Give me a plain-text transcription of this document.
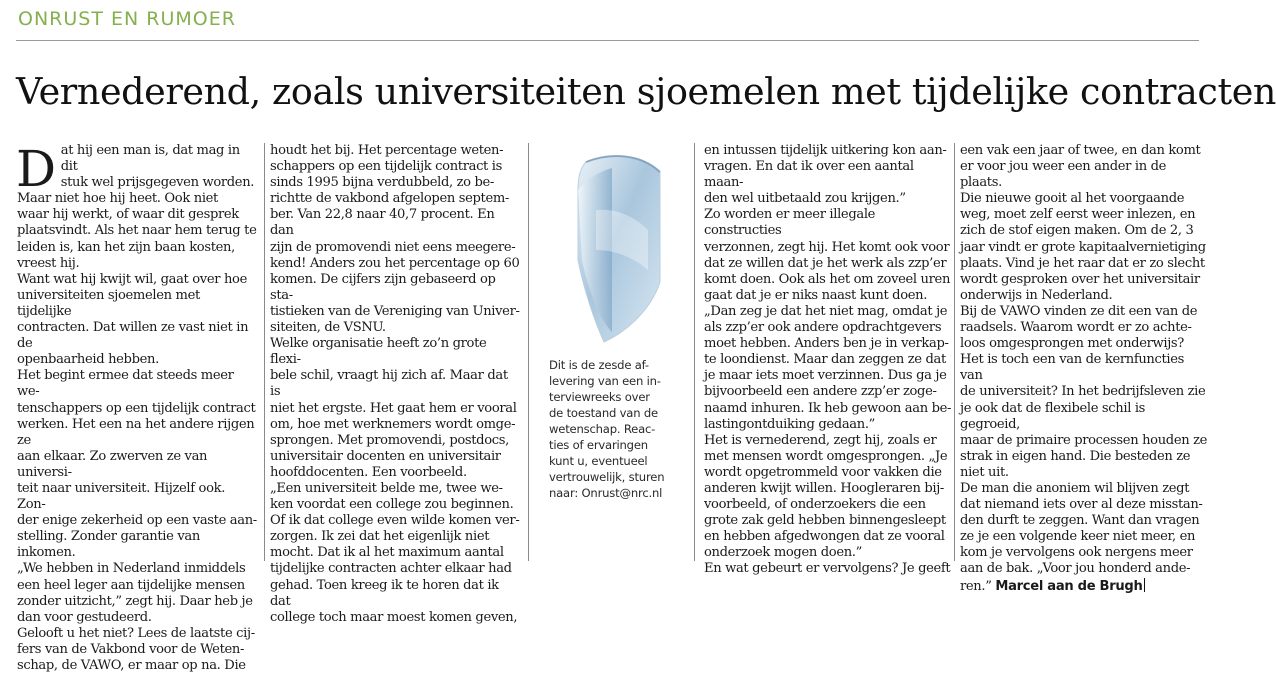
ONRUST EN RUMOER
Vernederend, zoals universiteiten sjoemelen met tijdelijke contracten

Dat hij een man is, dat mag in dit
stuk wel prijsgegeven worden.
Maar niet hoe hij heet. Ook niet
waar hij werkt, of waar dit gesprek
plaatsvindt. Als het naar hem terug te
leiden is, kan het zijn baan kosten,
vreest hij.

Want wat hij kwijt wil, gaat over hoe
universiteiten sjoemelen met tijdelijke
contracten. Dat willen ze vast niet in de
openbaarheid hebben.

Het begint ermee dat steeds meer we-
tenschappers op een tijdelijk contract
werken. Het een na het andere rijgen ze
aan elkaar. Zo zwerven ze van universi-
teit naar universiteit. Hijzelf ook. Zon-
der enige zekerheid op een vaste aan-
stelling. Zonder garantie van inkomen.
„We hebben in Nederland inmiddels
een heel leger aan tijdelijke mensen
zonder uitzicht,” zegt hij. Daar heb je
dan voor gestudeerd.

Gelooft u het niet? Lees de laatste cij-
fers van de Vakbond voor de Weten-
schap, de VAWO, er maar op na. Die

houdt het bij. Het percentage weten-
schappers op een tijdelijk contract is
sinds 1995 bijna verdubbeld, zo be-
richtte de vakbond afgelopen septem-
ber. Van 22,8 naar 40,7 procent. En dan
zijn de promovendi niet eens meegere-
kend! Anders zou het percentage op 60
komen. De cijfers zijn gebaseerd op sta-
tistieken van de Vereniging van Univer-
siteiten, de VSNU.

Welke organisatie heeft zo’n grote flexi-
bele schil, vraagt hij zich af. Maar dat is
niet het ergste. Het gaat hem er vooral
om, hoe met werknemers wordt omge-
sprongen. Met promovendi, postdocs,
universitair docenten en universitair
hoofddocenten. Een voorbeeld.

„Een universiteit belde me, twee we-
ken voordat een college zou beginnen.
Of ik dat college even wilde komen ver-
zorgen. Ik zei dat het eigenlijk niet
mocht. Dat ik al het maximum aantal
tijdelijke contracten achter elkaar had
gehad. Toen kreeg ik te horen dat ik dat
college toch maar moest komen geven,

Dit is de zesde af-
levering van een in-
terviewreeks over
de toestand van de
wetenschap. Reac-
ties of ervaringen
kunt u, eventueel
vertrouwelijk, sturen
naar: Onrust@nrc.nl

en intussen tijdelijk uitkering kon aan-
vragen. En dat ik over een aantal maan-
den wel uitbetaald zou krijgen.”

Zo worden er meer illegale constructies
verzonnen, zegt hij. Het komt ook voor
dat ze willen dat je het werk als zzp’er
komt doen. Ook als het om zoveel uren
gaat dat je er niks naast kunt doen.

„Dan zeg je dat het niet mag, omdat je
als zzp’er ook andere opdrachtgevers
moet hebben. Anders ben je in verkap-
te loondienst. Maar dan zeggen ze dat
je maar iets moet verzinnen. Dus ga je
bijvoorbeeld een andere zzp’er zoge-
naamd inhuren. Ik heb gewoon aan be-
lastingontduiking gedaan.”

Het is vernederend, zegt hij, zoals er
met mensen wordt omgesprongen. „Je
wordt opgetrommeld voor vakken die
anderen kwijt willen. Hoogleraren bij-
voorbeeld, of onderzoekers die een
grote zak geld hebben binnengesleept
en hebben afgedwongen dat ze vooral
onderzoek mogen doen.”

En wat gebeurt er vervolgens? Je geeft

een vak een jaar of twee, en dan komt
er voor jou weer een ander in de plaats.
Die nieuwe gooit al het voorgaande
weg, moet zelf eerst weer inlezen, en
zich de stof eigen maken. Om de 2, 3
jaar vindt er grote kapitaalvernietiging
plaats. Vind je het raar dat er zo slecht
wordt gesproken over het universitair
onderwijs in Nederland.

Bij de VAWO vinden ze dit een van de
raadsels. Waarom wordt er zo achte-
loos omgesprongen met onderwijs?
Het is toch een van de kernfuncties van
de universiteit? In het bedrijfsleven zie
je ook dat de flexibele schil is gegroeid,
maar de primaire processen houden ze
strak in eigen hand. Die besteden ze
niet uit.

De man die anoniem wil blijven zegt
dat niemand iets over al deze misstan-
den durft te zeggen. Want dan vragen
ze je een volgende keer niet meer, en
kom je vervolgens ook nergens meer
aan de bak. „Voor jou honderd ande-
ren.” Marcel aan de Brugh
